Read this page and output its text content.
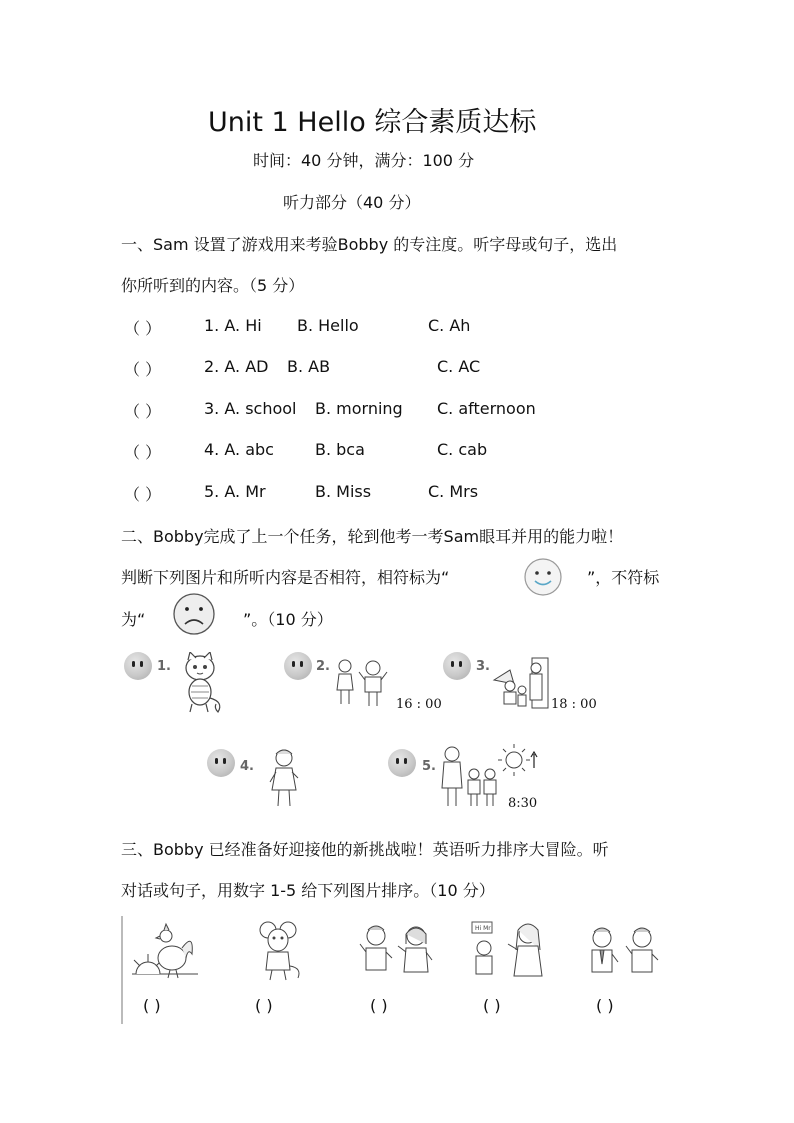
Unit 1 Hello 综合素质达标
时间：40 分钟，满分：100 分
听力部分（40 分）
一、Sam 设置了游戏用来考验Bobby 的专注度。听字母或句子，选出
你所听到的内容。（5 分）
（ ）	1. A. Hi B. Hello	C. Ah
（ ）	2. A. AD B. AB	C. AC
（ ）	3. A. school B. morning C. afternoon
（ ）	4. A. abc	B. bca	C. cab
（ ）	5. A. Mr	B. Miss	C. Mrs
二、Bobby完成了上一个任务，轮到他考一考Sam眼耳并用的能力啦！
判断下列图片和所听内容是否相符，相符标为“	”，不符标
为“	”。（10 分）
1.	2.
16 : 00
3.
18 : 00
4.	5.
8:30
三、Bobby 已经准备好迎接他的新挑战啦！英语听力排序大冒险。听
对话或句子，用数字 1-5 给下列图片排序。（10 分）
( )	( )	( )
Hi Mr
( )	( )
